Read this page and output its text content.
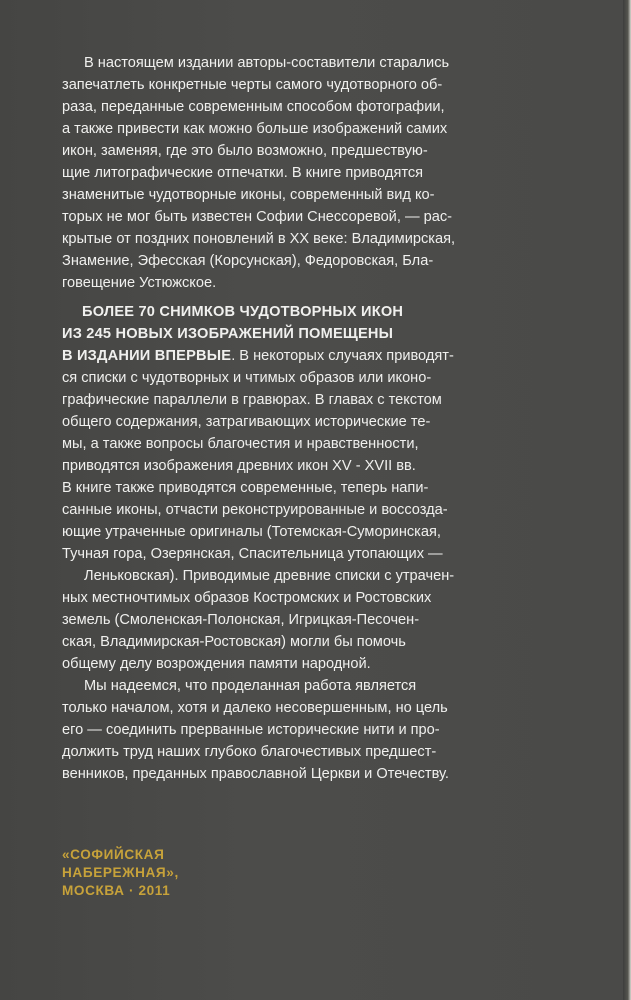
В настоящем издании авторы-составители старались
запечатлеть конкретные черты самого чудотворного об-
раза, переданные современным способом фотографии,
а также привести как можно больше изображений самих
икон, заменяя, где это было возможно, предшествую-
щие литографические отпечатки. В книге приводятся
знаменитые чудотворные иконы, современный вид ко-
торых не мог быть известен Софии Снессоревой, — рас-
крытые от поздних поновлений в XX веке: Владимирская,
Знамение, Эфесская (Корсунская), Федоровская, Бла-
говещение Устюжское.
БОЛЕЕ 70 СНИМКОВ ЧУДОТВОРНЫХ ИКОН
ИЗ 245 НОВЫХ ИЗОБРАЖЕНИЙ ПОМЕЩЕНЫ
В ИЗДАНИИ ВПЕРВЫЕ. В некоторых случаях приводят-
ся списки с чудотворных и чтимых образов или иконо-
графические параллели в гравюрах. В главах с текстом
общего содержания, затрагивающих исторические те-
мы, а также вопросы благочестия и нравственности,
приводятся изображения древних икон XV - XVII вв.
В книге также приводятся современные, теперь напи-
санные иконы, отчасти реконструированные и воссозда-
ющие утраченные оригиналы (Тотемская-Суморинская,
Тучная гора, Озерянская, Спасительница утопающих —
Леньковская). Приводимые древние списки с утрачен-
ных местночтимых образов Костромских и Ростовских
земель (Смоленская-Полонская, Игрицкая-Песочен-
ская, Владимирская-Ростовская) могли бы помочь
общему делу возрождения памяти народной.
Мы надеемся, что проделанная работа является
только началом, хотя и далеко несовершенным, но цель
его — соединить прерванные исторические нити и про-
должить труд наших глубоко благочестивых предшест-
венников, преданных православной Церкви и Отечеству.
«СОФИЙСКАЯ
НАБЕРЕЖНАЯ»,
МОСКВА · 2011
